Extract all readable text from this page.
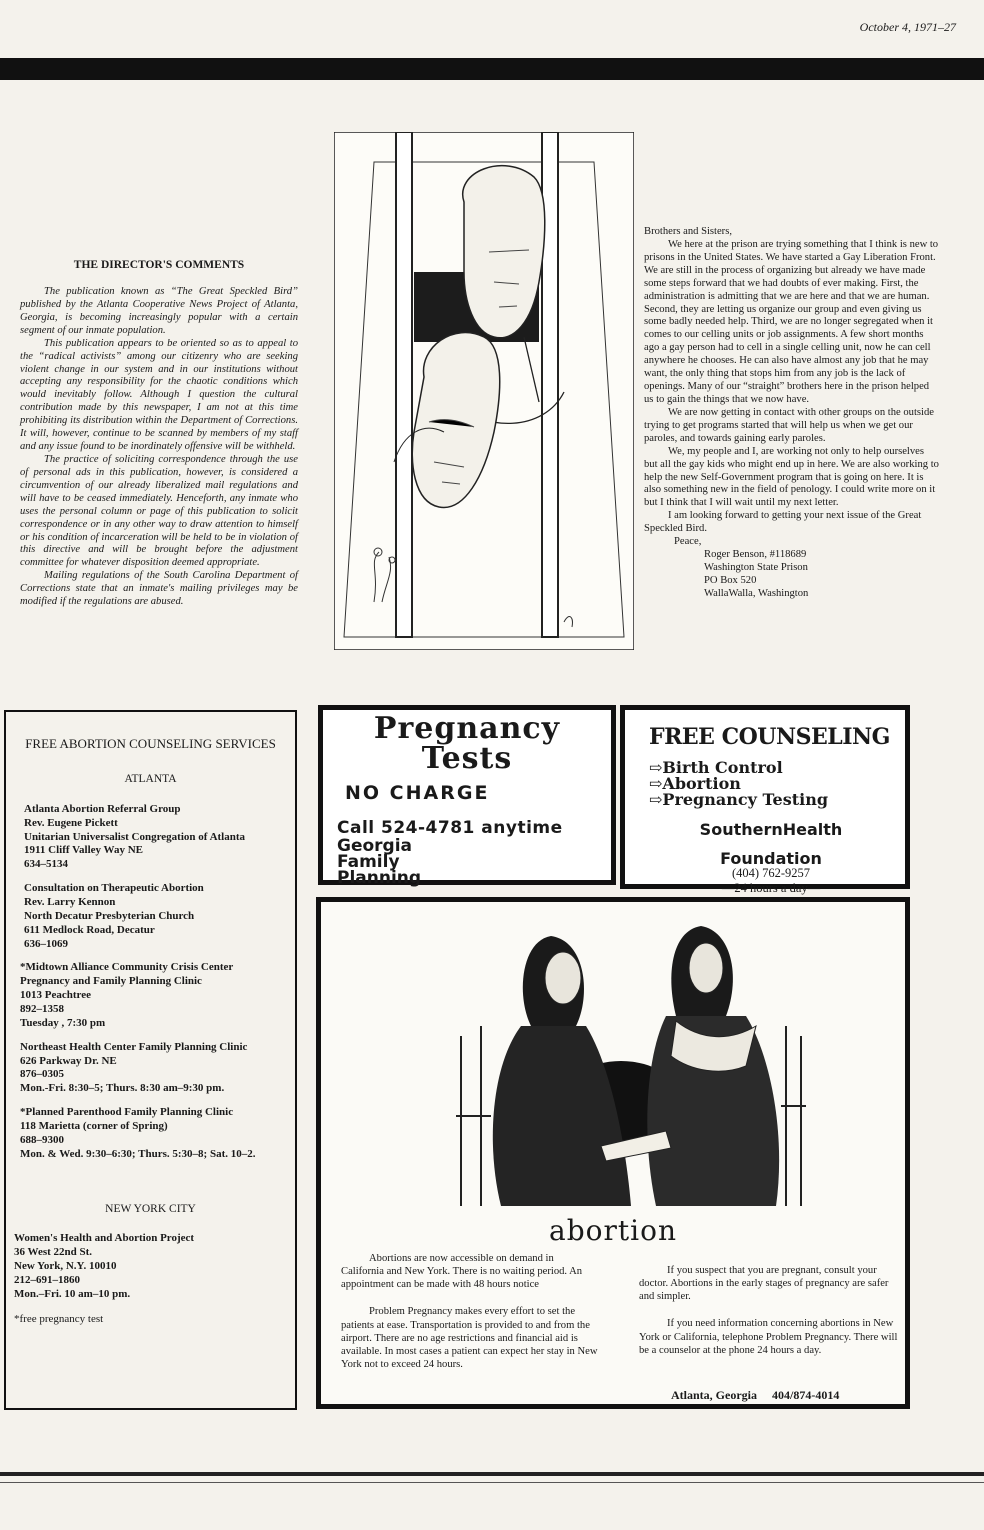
October 4, 1971–27
THE DIRECTOR'S COMMENTS

The publication known as “The Great Speckled Bird” published by the Atlanta Cooperative News Project of Atlanta, Georgia, is becoming increasingly popular with a certain segment of our inmate population.

This publication appears to be oriented so as to appeal to the “radical activists” among our citizenry who are seeking violent change in our system and in our institutions without accepting any responsibility for the chaotic conditions which would inevitably follow. Although I question the cultural contribution made by this newspaper, I am not at this time prohibiting its distribution within the Department of Corrections. It will, however, continue to be scanned by members of my staff and any issue found to be inordinately offensive will be withheld.

The practice of soliciting correspondence through the use of personal ads in this publication, however, is considered a circumvention of our already liberalized mail regulations and will have to be ceased immediately. Henceforth, any inmate who uses the personal column or page of this publication to solicit correspondence or in any other way to draw attention to himself or his condition of incarceration will be held to be in violation of this directive and will be brought before the adjustment committee for whatever disposition deemed appropriate.

Mailing regulations of the South Carolina Department of Corrections state that an inmate's mailing privileges may be modified if the regulations are abused.

Brothers and Sisters,

We here at the prison are trying something that I think is new to prisons in the United States. We have started a Gay Liberation Front. We are still in the process of organizing but already we have made some steps forward that we had doubts of ever making. First, the administration is admitting that we are here and that we are human. Second, they are letting us organize our group and even giving us some badly needed help. Third, we are no longer segregated when it comes to our celling units or job assignments. A few short months ago a gay person had to cell in a single celling unit, now he can cell anywhere he chooses. He can also have almost any job that he may want, the only thing that stops him from any job is the lack of openings. Many of our “straight” brothers here in the prison helped us to gain the things that we now have.

We are now getting in contact with other groups on the outside trying to get programs started that will help us when we get our paroles, and towards gaining early paroles.

We, my people and I, are working not only to help ourselves but all the gay kids who might end up in here. We are also working to help the new Self-Government program that is going on here. It is also something new in the field of penology. I could write more on it but I think that I will wait until my next letter.

I am looking forward to getting your next issue of the Great Speckled Bird.

Peace,

Roger Benson, #118689

Washington State Prison

PO Box 520

WallaWalla, Washington

FREE ABORTION COUNSELING SERVICES
ATLANTA
Atlanta Abortion Referral Group
Rev. Eugene Pickett
Unitarian Universalist Congregation of Atlanta
1911 Cliff Valley Way NE
634–5134
Consultation on Therapeutic Abortion
Rev. Larry Kennon
North Decatur Presbyterian Church
611 Medlock Road, Decatur
636–1069
*Midtown Alliance Community Crisis Center
Pregnancy and Family Planning Clinic
1013 Peachtree
892–1358
Tuesday , 7:30 pm
Northeast Health Center Family Planning Clinic
626 Parkway Dr. NE
876–0305
Mon.-Fri. 8:30–5; Thurs. 8:30 am–9:30 pm.
*Planned Parenthood Family Planning Clinic
118 Marietta (corner of Spring)
688–9300
Mon. & Wed. 9:30–6:30; Thurs. 5:30–8; Sat. 10–2.
NEW YORK CITY
Women's Health and Abortion Project
36 West 22nd St.
New York, N.Y. 10010
212–691–1860
Mon.–Fri. 10 am–10 pm.
*free pregnancy test
Pregnancy
Tests
NO CHARGE
Call 524-4781 anytime
Georgia
Family
Planning
FREE COUNSELING
⇨Birth Control
⇨Abortion
⇨Pregnancy Testing
SouthernHealth
Foundation
(404) 762-9257
—24 hours a day—
abortion

Abortions are now accessible on demand in California and New York. There is no waiting period. An appointment can be made with 48 hours notice

Problem Pregnancy makes every effort to set the patients at ease. Transportation is provided to and from the airport. There are no age restrictions and financial aid is available. In most cases a patient can expect her stay in New York not to exceed 24 hours.

If you suspect that you are pregnant, consult your doctor. Abortions in the early stages of pregnancy are safer and simpler.

If you need information concerning abortions in New York or California, telephone Problem Pregnancy. There will be a counselor at the phone 24 hours a day.

Atlanta, Georgia 404/874-4014
